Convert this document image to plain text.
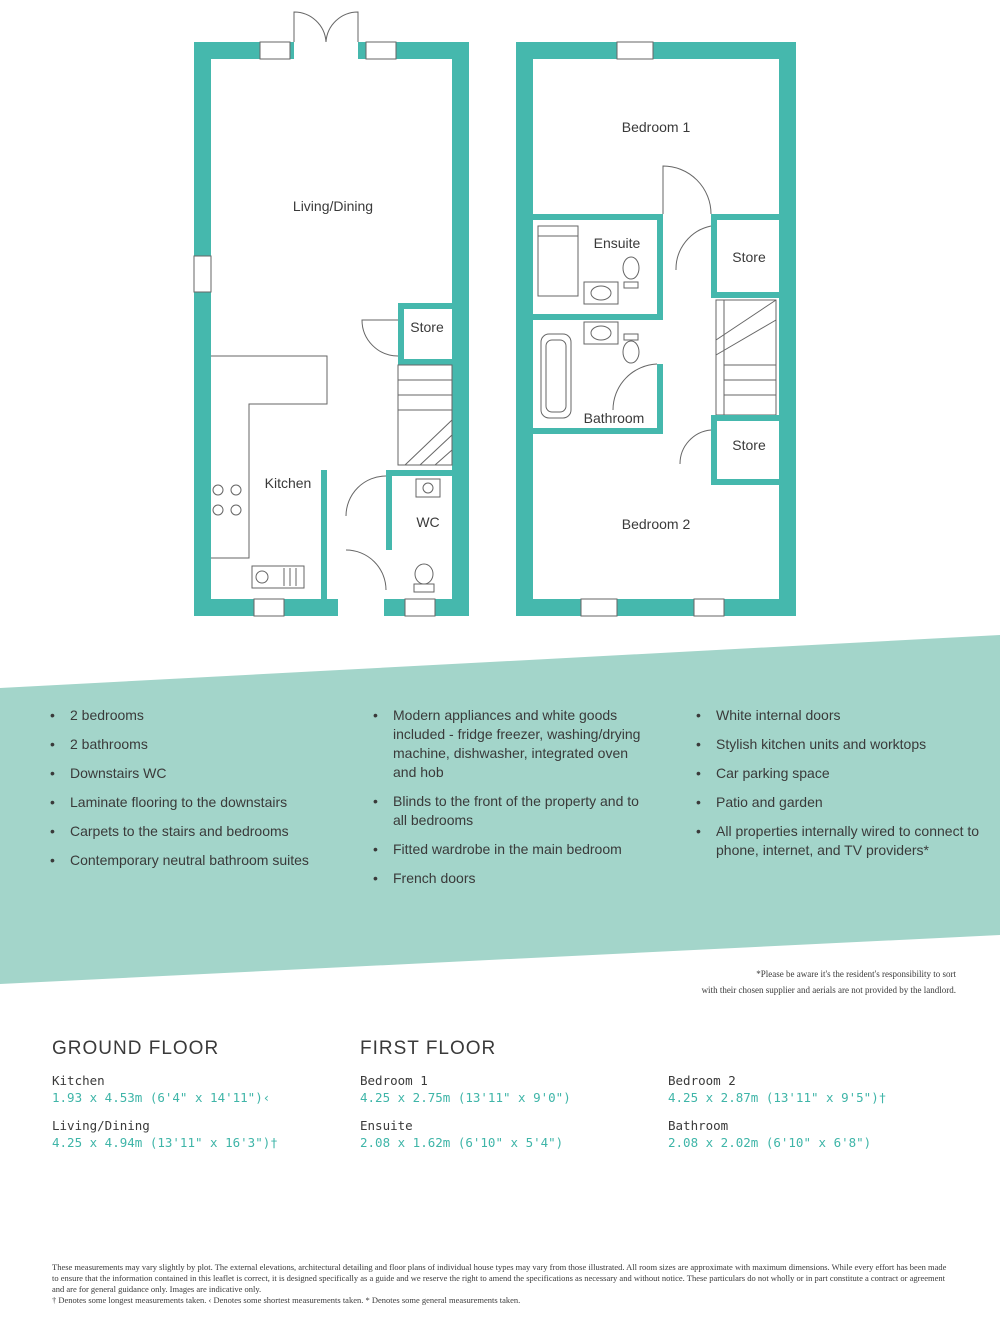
Living/Dining
Store
Kitchen
WC
Bedroom 1
Ensuite
Store
Bathroom
Store
Bedroom 2
• 2 bedrooms
• 2 bathrooms
• Downstairs WC
• Laminate flooring to the downstairs
• Carpets to the stairs and bedrooms
• Contemporary neutral bathroom suites
• Modern appliances and white goods included - fridge freezer, washing/drying machine, dishwasher, integrated oven and hob
• Blinds to the front of the property and to all bedrooms
• Fitted wardrobe in the main bedroom
• French doors
• White internal doors
• Stylish kitchen units and worktops
• Car parking space
• Patio and garden
• All properties internally wired to connect to phone, internet, and TV providers*
*Please be aware it's the resident's responsibility to sort
with their chosen supplier and aerials are not provided by the landlord.
GROUND FLOOR	FIRST FLOOR
Kitchen
1.93 x 4.53m (6'4" x 14'11")‹
Living/Dining
4.25 x 4.94m (13'11" x 16'3")†
Bedroom 1
4.25 x 2.75m (13'11" x 9'0")
Ensuite
2.08 x 1.62m (6'10" x 5'4")
Bedroom 2
4.25 x 2.87m (13'11" x 9'5")†
Bathroom
2.08 x 2.02m (6'10" x 6'8")
These measurements may vary slightly by plot. The external elevations, architectural detailing and floor plans of individual house types may vary from those illustrated. All room sizes are approximate with maximum dimensions. While every effort has been made to ensure that the information contained in this leaflet is correct, it is designed specifically as a guide and we reserve the right to amend the specifications as necessary and without notice. These particulars do not wholly or in part constitute a contract or agreement and are for general guidance only. Images are indicative only.
† Denotes some longest measurements taken. ‹ Denotes some shortest measurements taken. * Denotes some general measurements taken.
